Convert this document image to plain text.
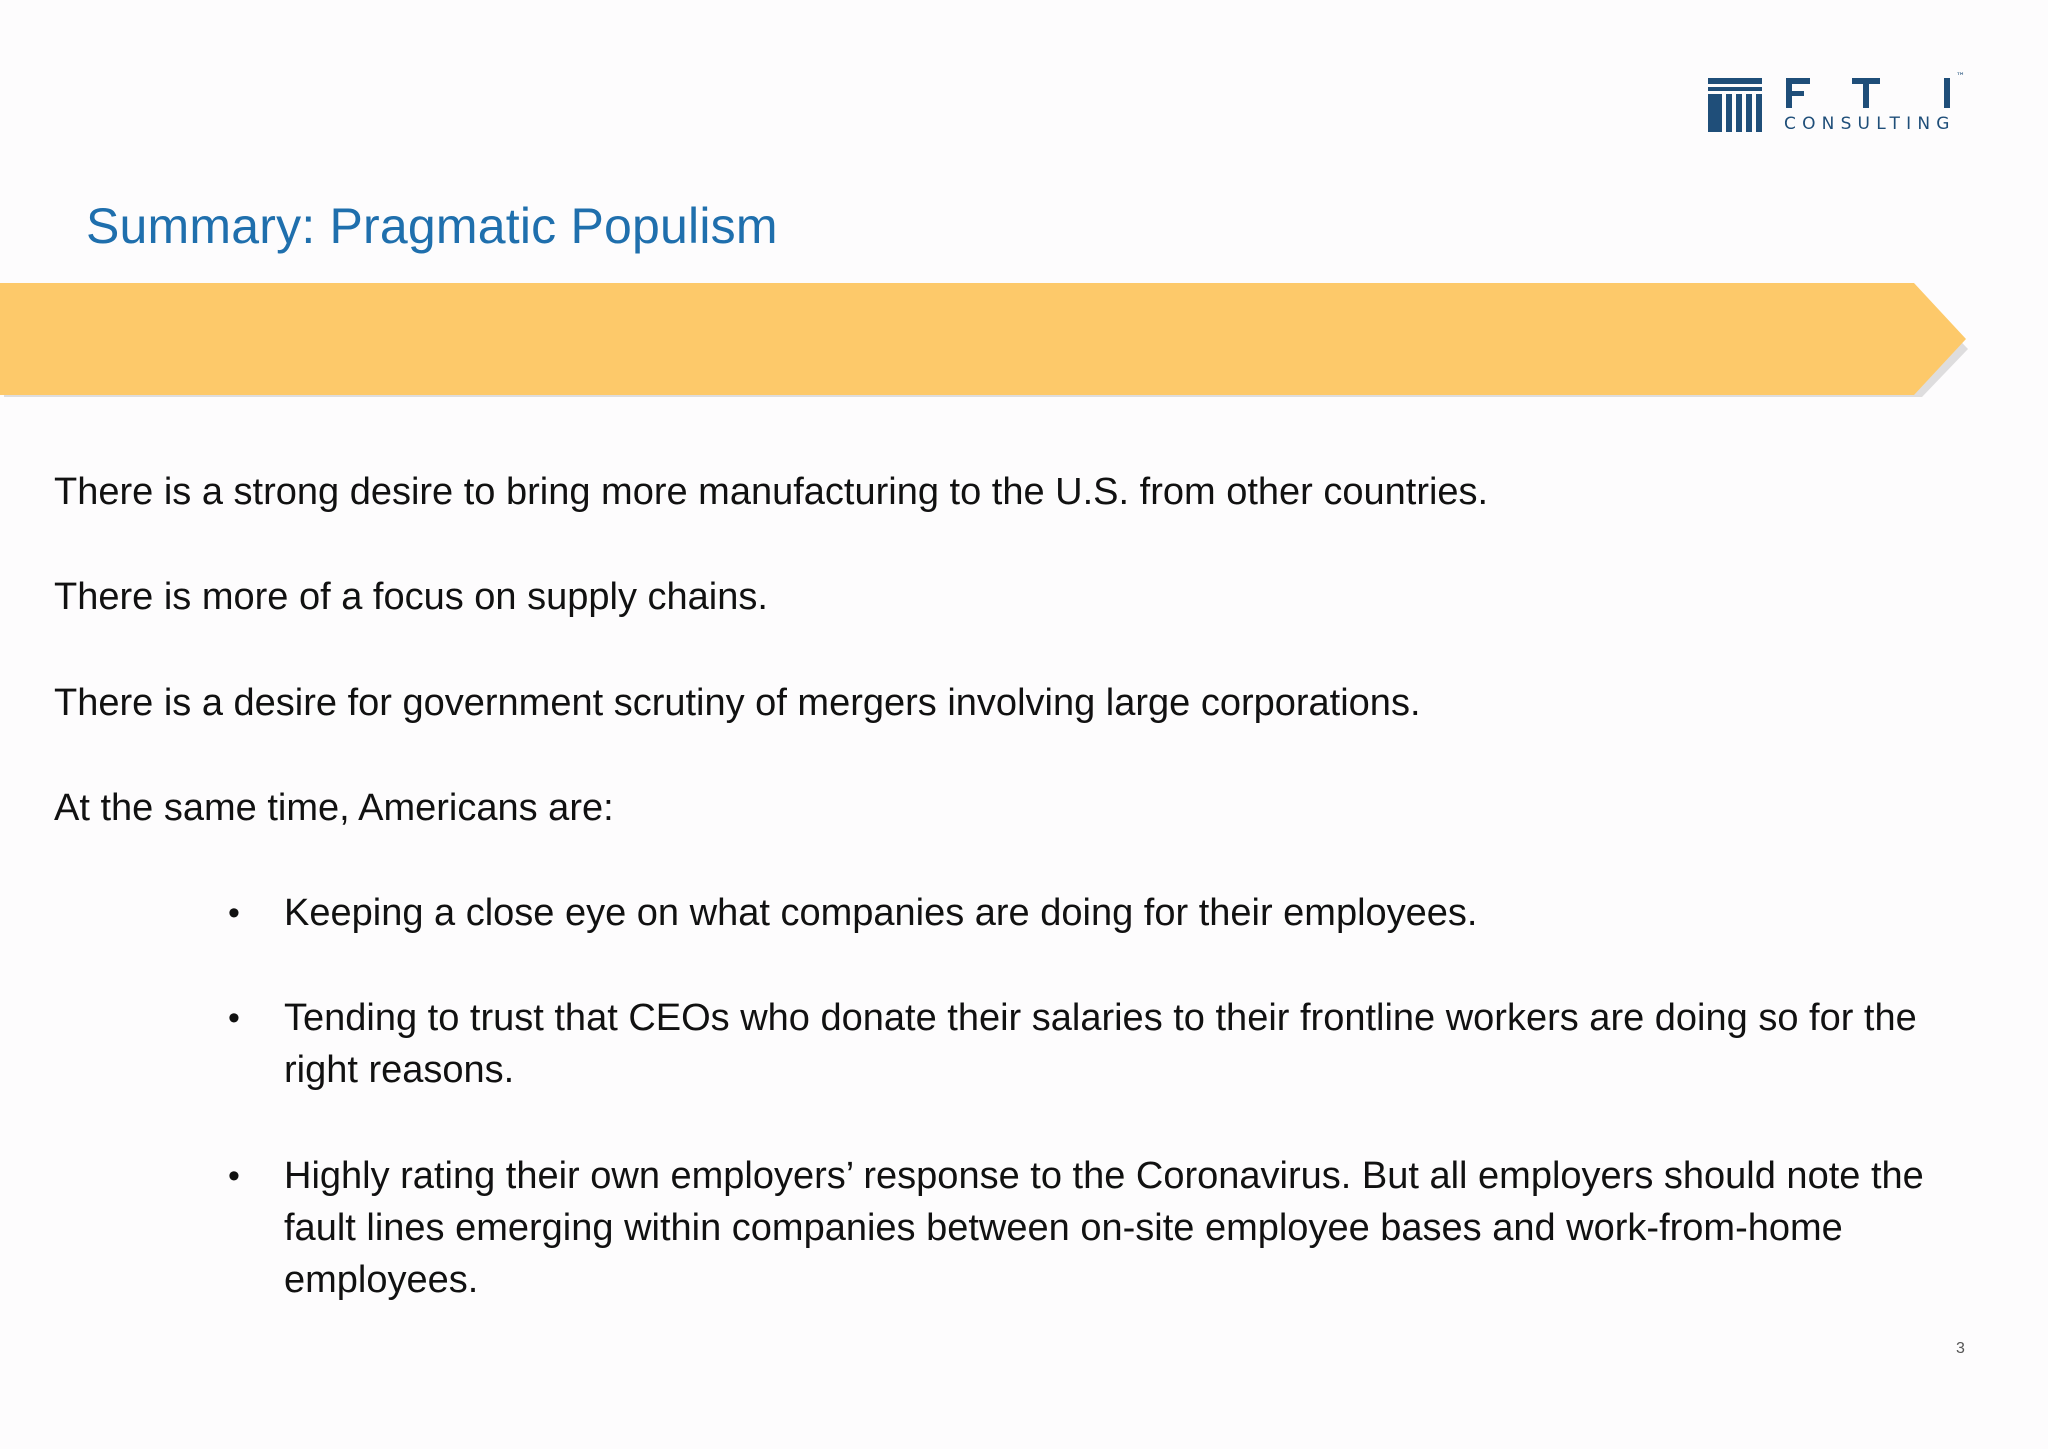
™
CONSULTING
Summary: Pragmatic Populism
There is a strong desire to bring more manufacturing to the U.S. from other countries.
There is more of a focus on supply chains.
There is a desire for government scrutiny of mergers involving large corporations.
At the same time, Americans are:
•	Keeping a close eye on what companies are doing for their employees.
•	Tending to trust that CEOs who donate their salaries to their frontline workers are doing so for the right reasons.
•	Highly rating their own employers’ response to the Coronavirus. But all employers should note the fault lines emerging within companies between on-site employee bases and work-from-home employees.
3
